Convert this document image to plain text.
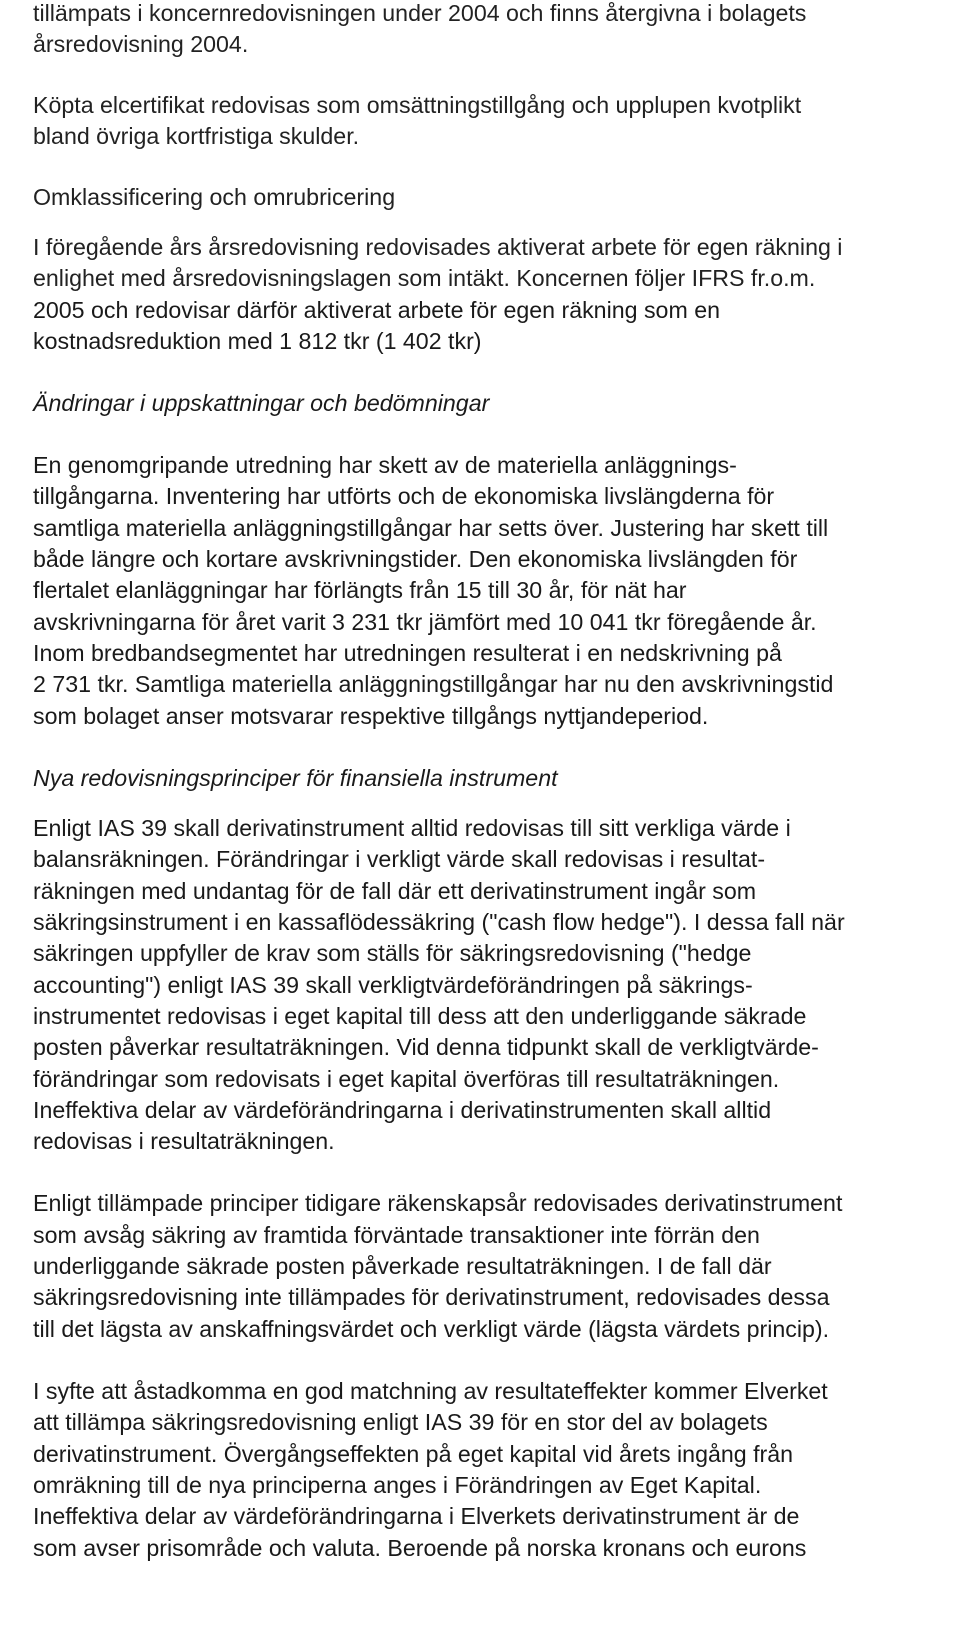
tillämpats i koncernredovisningen under 2004 och finns återgivna i bolagets
årsredovisning 2004.
Köpta elcertifikat redovisas som omsättningstillgång och upplupen kvotplikt
bland övriga kortfristiga skulder.
Omklassificering och omrubricering
I föregående års årsredovisning redovisades aktiverat arbete för egen räkning i
enlighet med årsredovisningslagen som intäkt. Koncernen följer IFRS fr.o.m.
2005 och redovisar därför aktiverat arbete för egen räkning som en
kostnadsreduktion med 1 812 tkr (1 402 tkr)
Ändringar i uppskattningar och bedömningar
En genomgripande utredning har skett av de materiella anläggnings-
tillgångarna. Inventering har utförts och de ekonomiska livslängderna för
samtliga materiella anläggningstillgångar har setts över. Justering har skett till
både längre och kortare avskrivningstider. Den ekonomiska livslängden för
flertalet elanläggningar har förlängts från 15 till 30 år, för nät har
avskrivningarna för året varit 3 231 tkr jämfört med 10 041 tkr föregående år.
Inom bredbandsegmentet har utredningen resulterat i en nedskrivning på
2 731 tkr. Samtliga materiella anläggningstillgångar har nu den avskrivningstid
som bolaget anser motsvarar respektive tillgångs nyttjandeperiod.
Nya redovisningsprinciper för finansiella instrument
Enligt IAS 39 skall derivatinstrument alltid redovisas till sitt verkliga värde i
balansräkningen. Förändringar i verkligt värde skall redovisas i resultat-
räkningen med undantag för de fall där ett derivatinstrument ingår som
säkringsinstrument i en kassaflödessäkring ("cash flow hedge"). I dessa fall när
säkringen uppfyller de krav som ställs för säkringsredovisning ("hedge
accounting") enligt IAS 39 skall verkligtvärdeförändringen på säkrings-
instrumentet redovisas i eget kapital till dess att den underliggande säkrade
posten påverkar resultaträkningen. Vid denna tidpunkt skall de verkligtvärde-
förändringar som redovisats i eget kapital överföras till resultaträkningen.
Ineffektiva delar av värdeförändringarna i derivatinstrumenten skall alltid
redovisas i resultaträkningen.
Enligt tillämpade principer tidigare räkenskapsår redovisades derivatinstrument
som avsåg säkring av framtida förväntade transaktioner inte förrän den
underliggande säkrade posten påverkade resultaträkningen. I de fall där
säkringsredovisning inte tillämpades för derivatinstrument, redovisades dessa
till det lägsta av anskaffningsvärdet och verkligt värde (lägsta värdets princip).
I syfte att åstadkomma en god matchning av resultateffekter kommer Elverket
att tillämpa säkringsredovisning enligt IAS 39 för en stor del av bolagets
derivatinstrument. Övergångseffekten på eget kapital vid årets ingång från
omräkning till de nya principerna anges i Förändringen av Eget Kapital.
Ineffektiva delar av värdeförändringarna i Elverkets derivatinstrument är de
som avser prisområde och valuta. Beroende på norska kronans och eurons
